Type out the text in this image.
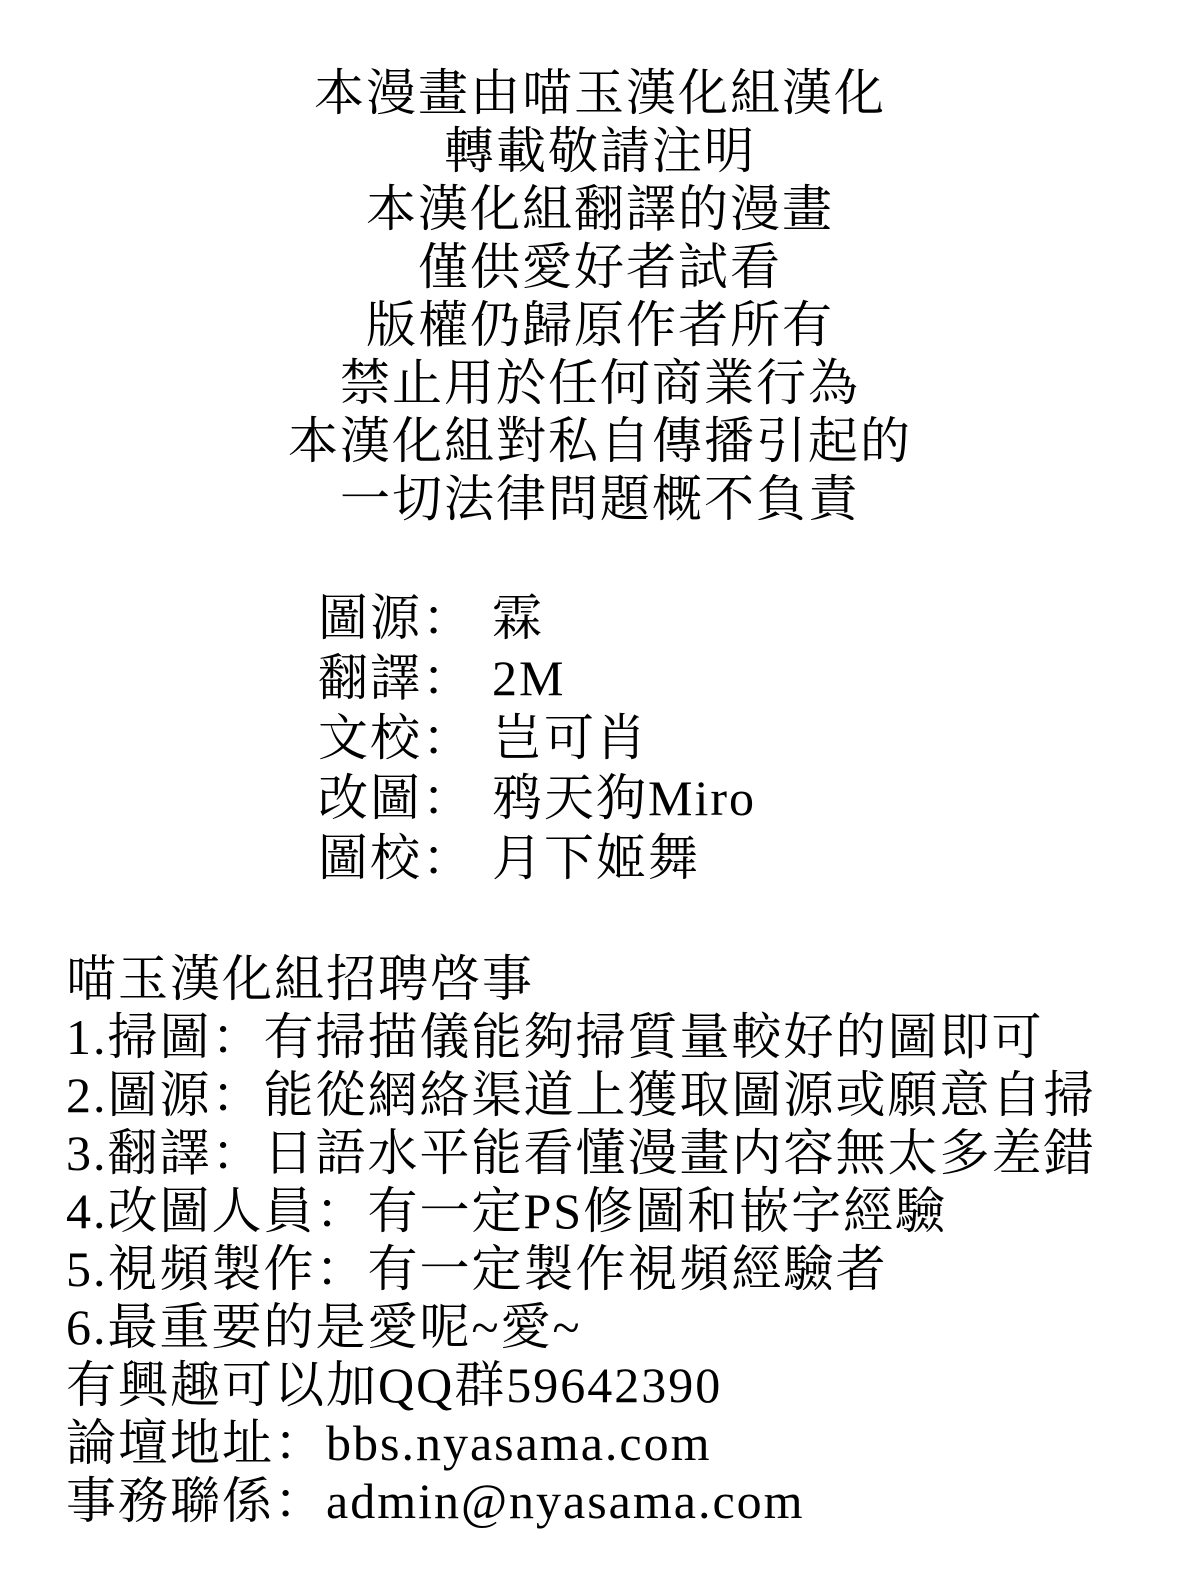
本漫畫由喵玉漢化組漢化
轉載敬請注明
本漢化組翻譯的漫畫
僅供愛好者試看
版權仍歸原作者所有
禁止用於任何商業行為
本漢化組對私自傳播引起的
一切法律問題概不負責
圖源： 霖
翻譯： 2M
文校： 岂可肖
改圖： 鸦天狗Miro
圖校： 月下姬舞
喵玉漢化組招聘啓事
1.掃圖：有掃描儀能夠掃質量較好的圖即可
2.圖源：能從網絡渠道上獲取圖源或願意自掃
3.翻譯：日語水平能看懂漫畫内容無太多差錯
4.改圖人員：有一定PS修圖和嵌字經驗
5.視頻製作：有一定製作視頻經驗者
6.最重要的是愛呢~愛~
有興趣可以加QQ群59642390
論壇地址：bbs.nyasama.com
事務聯係：admin@nyasama.com
